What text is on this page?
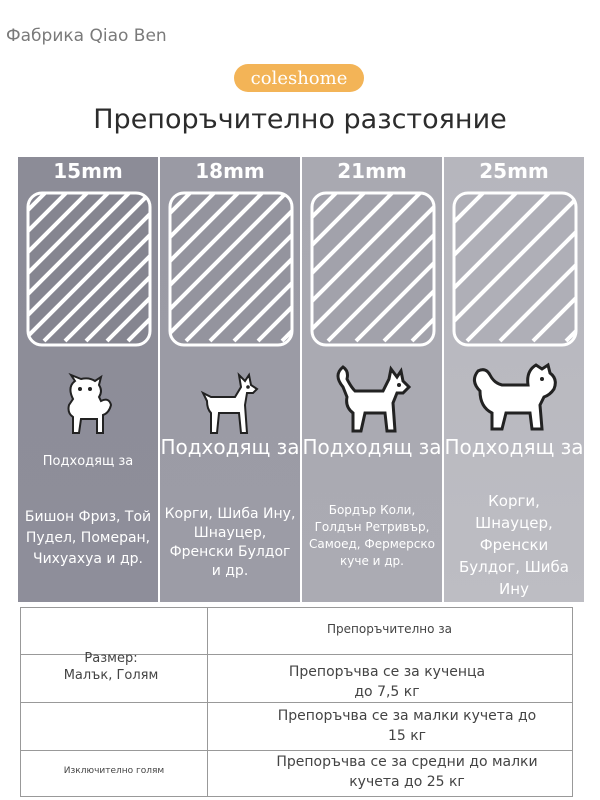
Фабрика Qiao Ben
coleshome
Препоръчително разстояние
15mm
Подходящ за
Бишон Фриз, Той Пудел, Померан, Чихуахуа и др.
18mm
Подходящ за
Корги, Шиба Ину, Шнауцер, Френски Булдог и др.
21mm
Подходящ за
Бордър Коли, Голдън Ретривър, Самоед, Фермерско куче и др.
25mm
Подходящ за
Корги, Шнауцер, Френски Булдог, Шиба Ину
Препоръчително за
Размер: Малък, Голям	Препоръчва се за кученца до 7,5 кг
Препоръчва се за малки кучета до 15 кг
Препоръчва се за средни до малки кучета до 25 кг
Изключително голям
